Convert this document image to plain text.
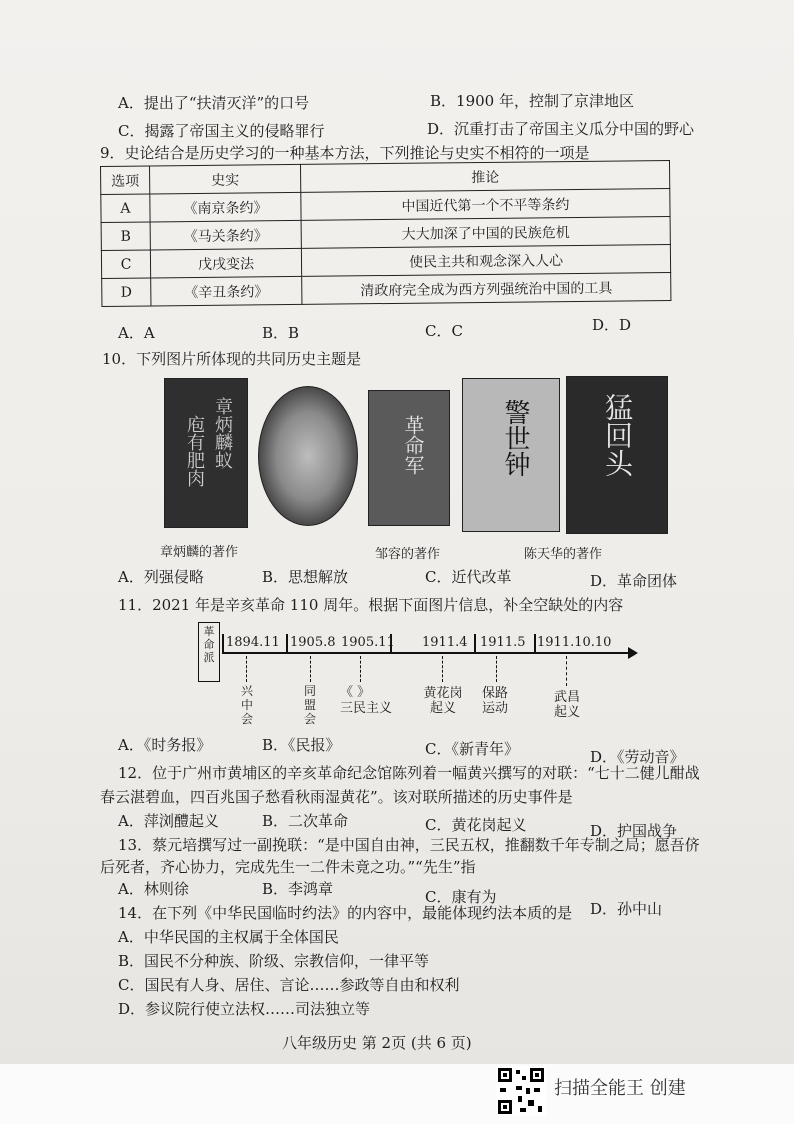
A．提出了“扶清灭洋”的口号	B．1900 年，控制了京津地区
C．揭露了帝国主义的侵略罪行	D．沉重打击了帝国主义瓜分中国的野心
9．史论结合是历史学习的一种基本方法，下列推论与史实不相符的一项是
选项	史实	推论
A	《南京条约》	中国近代第一个不平等条约
B	《马关条约》	大大加深了中国的民族危机
C	戊戌变法	使民主共和观念深入人心
D	《辛丑条约》	清政府完全成为西方列强统治中国的工具
A．A	B．B	C．C	D．D
10．下列图片所体现的共同历史主题是
章炳麟蚁
庖有肥肉	革命军	警世钟	猛回头
章炳麟的著作	邹容的著作	陈天华的著作
A．列强侵略	B．思想解放	C．近代改革	D．革命团体
11．2021 年是辛亥革命 110 周年。根据下面图片信息，补全空缺处的内容
革命派
1894.11 1905.8 1905.11 1911.4 1911.5 1911.10.10
兴中会
同盟会
《 》
三民主义
黄花岗起义
保路运动
武昌起义
A．《时务报》	B．《民报》	C．《新青年》	D．《劳动音》
12．位于广州市黄埔区的辛亥革命纪念馆陈列着一幅黄兴撰写的对联：“七十二健儿酣战
春云湛碧血，四百兆国子愁看秋雨湿黄花”。该对联所描述的历史事件是
A．萍浏醴起义	B．二次革命	C．黄花岗起义	D．护国战争
13．蔡元培撰写过一副挽联：“是中国自由神，三民五权，推翻数千年专制之局；愿吾侪
后死者，齐心协力，完成先生一二件未竟之功。”“先生”指
A．林则徐	B．李鸿章	C．康有为
D．孙中山
14．在下列《中华民国临时约法》的内容中，最能体现约法本质的是
A．中华民国的主权属于全体国民
B．国民不分种族、阶级、宗教信仰，一律平等
C．国民有人身、居住、言论……参政等自由和权利
D．参议院行使立法权……司法独立等
八年级历史 第 2页 (共 6 页)
扫描全能王 创建
